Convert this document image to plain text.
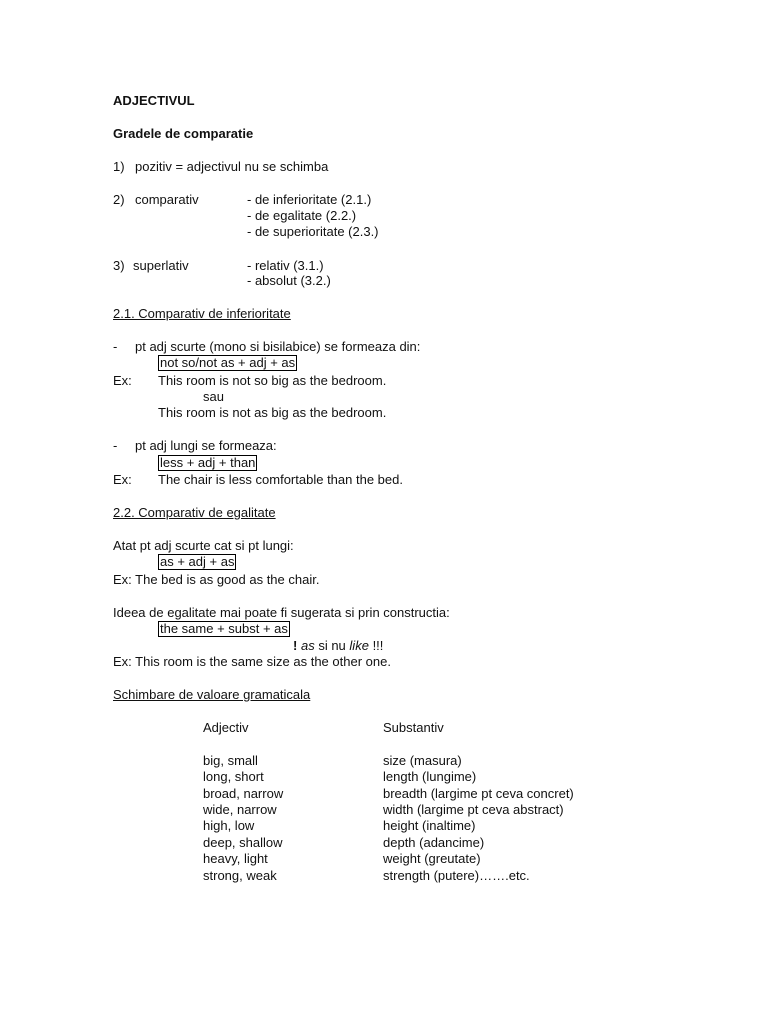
ADJECTIVUL
Gradele de comparatie
1) pozitiv = adjectivul nu se schimba
2) comparativ	- de inferioritate (2.1.)
- de egalitate (2.2.)
- de superioritate (2.3.)
3) superlativ	- relativ (3.1.)
- absolut (3.2.)
2.1. Comparativ de inferioritate
- pt adj scurte (mono si bisilabice) se formeaza din:
not so/not as + adj + as
Ex: This room is not so big as the bedroom.
sau
This room is not as big as the bedroom.
- pt adj lungi se formeaza:
less + adj + than
Ex: The chair is less comfortable than the bed.
2.2. Comparativ de egalitate
Atat pt adj scurte cat si pt lungi:
as + adj + as
Ex: The bed is as good as the chair.
Ideea de egalitate mai poate fi sugerata si prin constructia:
the same + subst + as
! as si nu like !!!
Ex: This room is the same size as the other one.
Schimbare de valoare gramaticala
Adjectiv	Substantiv
big, small	size (masura)
long, short	length (lungime)
broad, narrow	breadth (largime pt ceva concret)
wide, narrow	width (largime pt ceva abstract)
high, low	height (inaltime)
deep, shallow	depth (adancime)
heavy, light	weight (greutate)
strong, weak	strength (putere)…….etc.
